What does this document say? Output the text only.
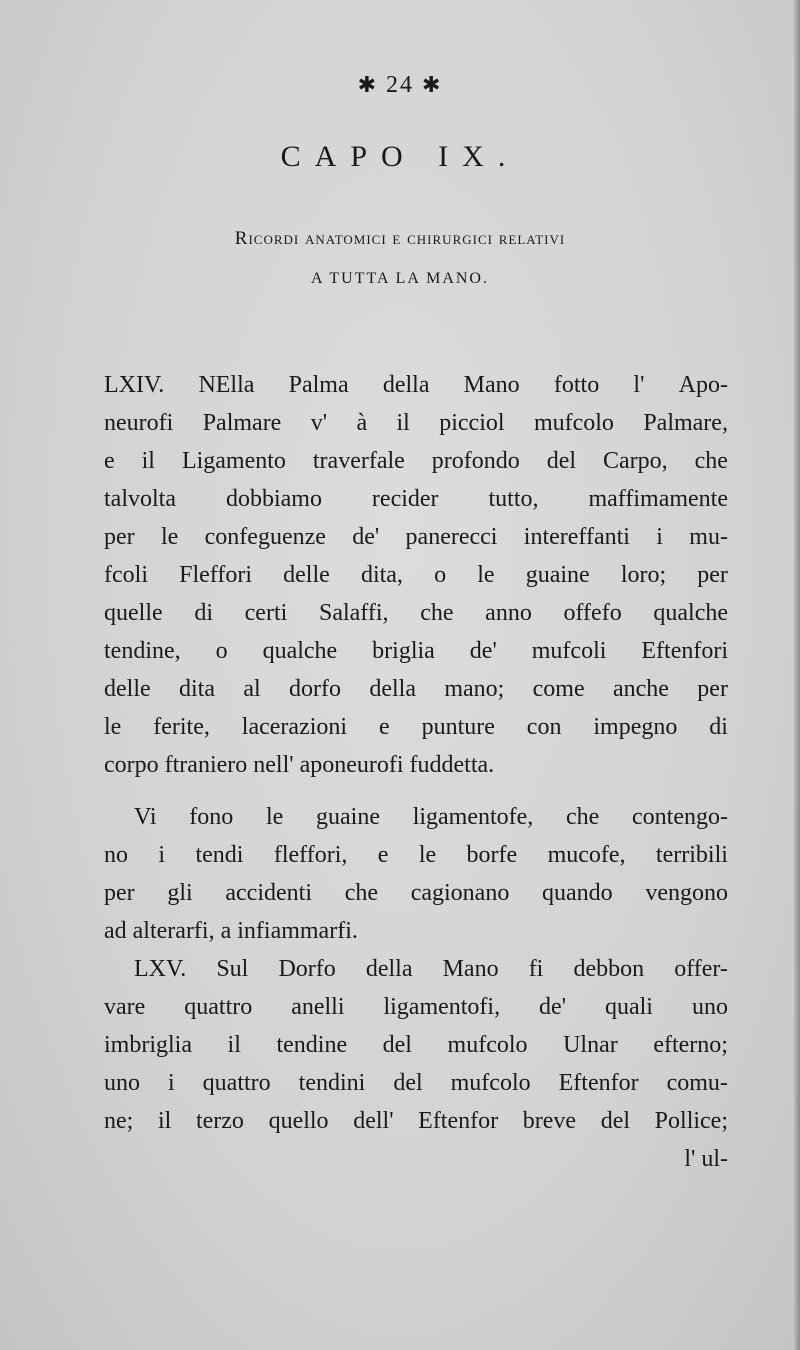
✱ 24 ✱
CAPO IX.
Ricordi anatomici e chirurgici relativi
A TUTTA LA MANO.
LXIV. NElla Palma della Mano fotto l' Apo-
neurofi Palmare v' à il picciol mufcolo Palmare,
e il Ligamento traverfale profondo del Carpo, che
talvolta dobbiamo recider tutto, maffimamente
per le confeguenze de' panerecci intereffanti i mu-
fcoli Fleffori delle dita, o le guaine loro; per
quelle di certi Salaffi, che anno offefo qualche
tendine, o qualche briglia de' mufcoli Eftenfori
delle dita al dorfo della mano; come anche per
le ferite, lacerazioni e punture con impegno di
corpo ftraniero nell' aponeurofi fuddetta.
Vi fono le guaine ligamentofe, che contengo-
no i tendi fleffori, e le borfe mucofe, terribili
per gli accidenti che cagionano quando vengono
ad alterarfi, a infiammarfi.
LXV. Sul Dorfo della Mano fi debbon offer-
vare quattro anelli ligamentofi, de' quali uno
imbriglia il tendine del mufcolo Ulnar efterno;
uno i quattro tendini del mufcolo Eftenfor comu-
ne; il terzo quello dell' Eftenfor breve del Pollice;
l' ul-
